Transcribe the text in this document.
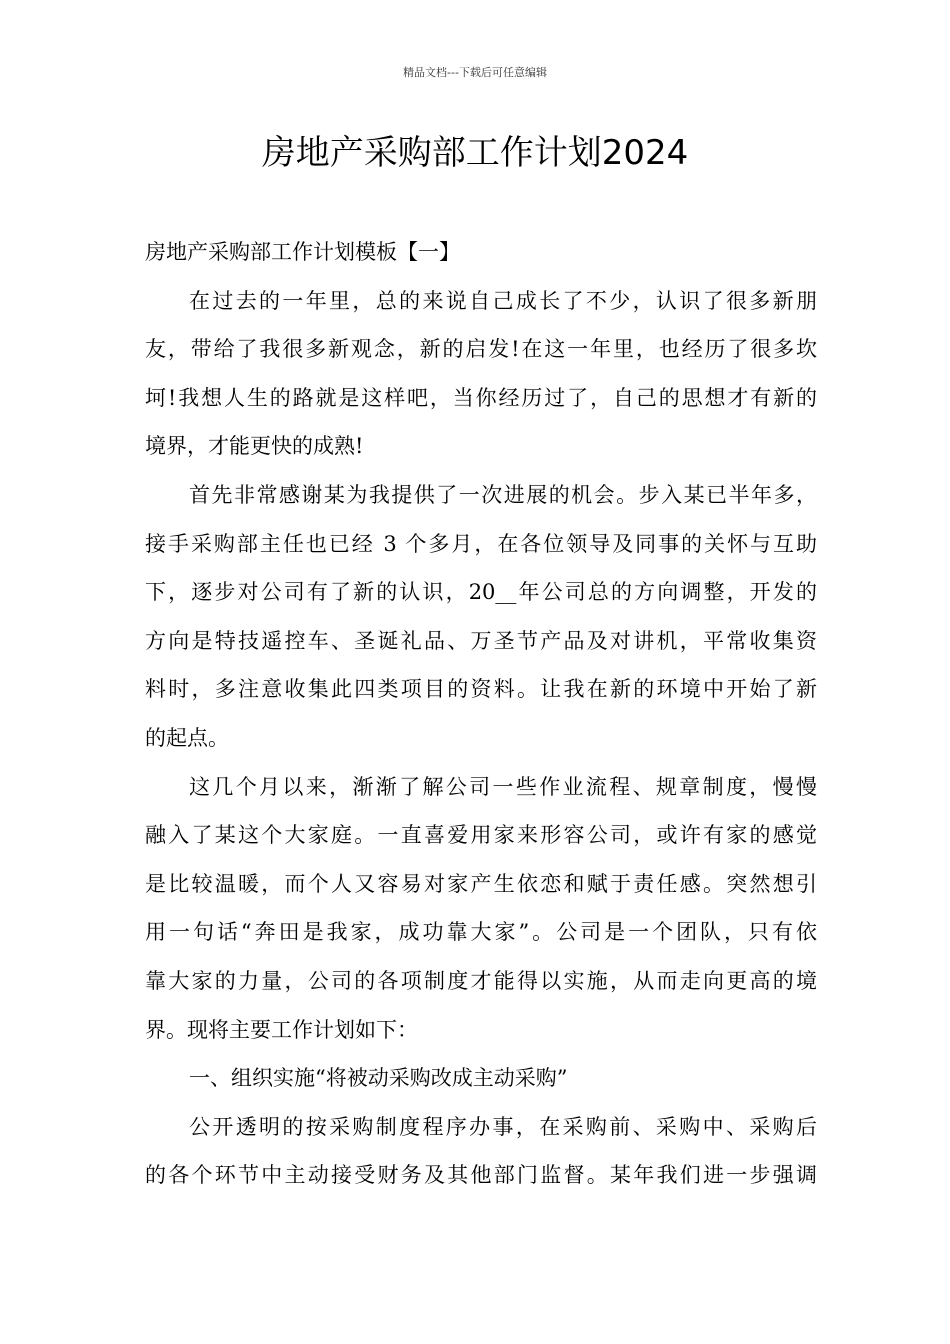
精品文档---下载后可任意编辑
房地产采购部工作计划2024
房地产采购部工作计划模板【一】
在过去的一年里，总的来说自己成长了不少，认识了很多新朋
友，带给了我很多新观念，新的启发!在这一年里，也经历了很多坎
坷!我想人生的路就是这样吧，当你经历过了，自己的思想才有新的
境界，才能更快的成熟!
首先非常感谢某为我提供了一次进展的机会。步入某已半年多，
接手采购部主任也已经 3 个多月，在各位领导及同事的关怀与互助
下，逐步对公司有了新的认识，20__年公司总的方向调整，开发的
方向是特技遥控车、圣诞礼品、万圣节产品及对讲机，平常收集资
料时，多注意收集此四类项目的资料。让我在新的环境中开始了新
的起点。
这几个月以来，渐渐了解公司一些作业流程、规章制度，慢慢
融入了某这个大家庭。一直喜爱用家来形容公司，或许有家的感觉
是比较温暖，而个人又容易对家产生依恋和赋于责任感。突然想引
用一句话“奔田是我家，成功靠大家”。公司是一个团队，只有依
靠大家的力量，公司的各项制度才能得以实施，从而走向更高的境
界。现将主要工作计划如下：
一、组织实施“将被动采购改成主动采购”
公开透明的按采购制度程序办事，在采购前、采购中、采购后
的各个环节中主动接受财务及其他部门监督。某年我们进一步强调
